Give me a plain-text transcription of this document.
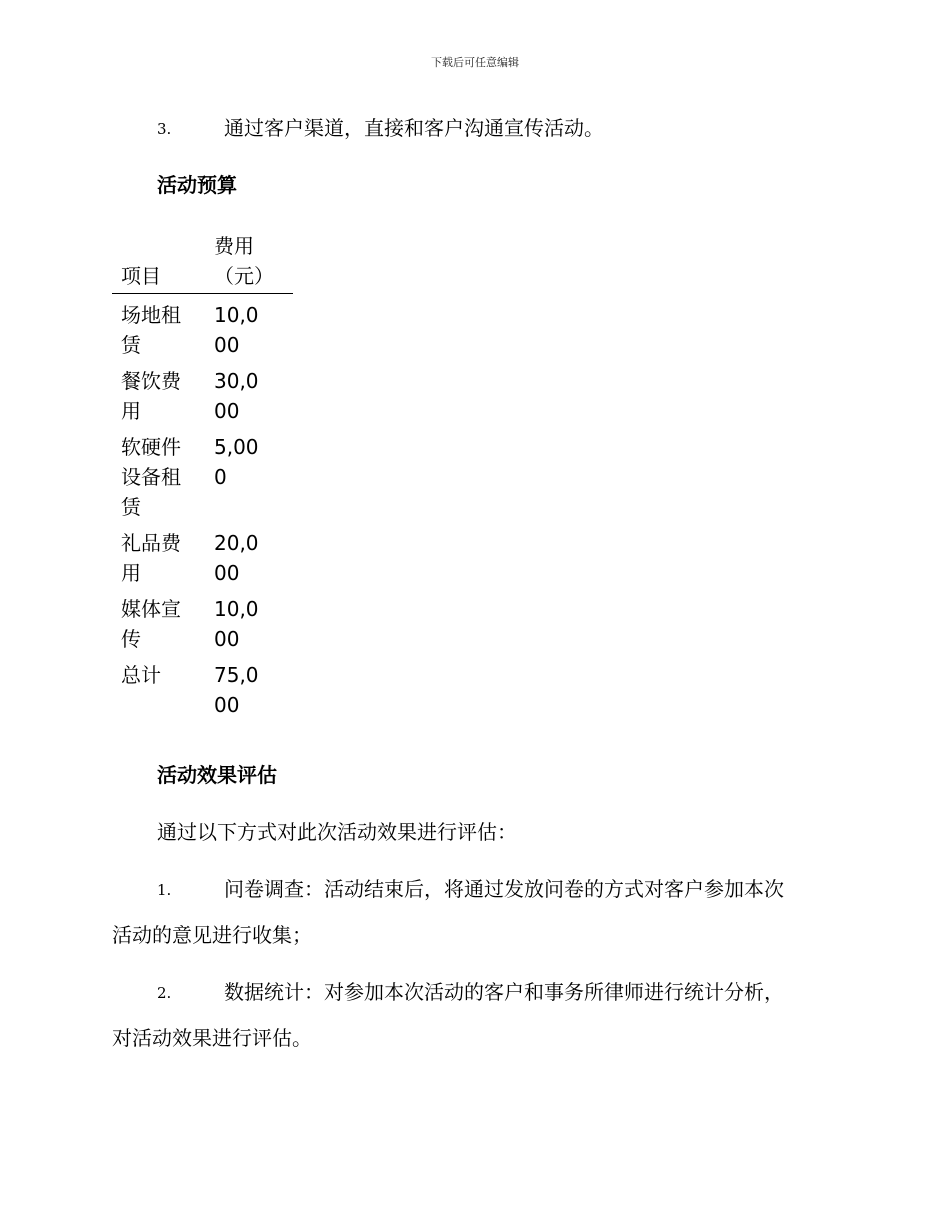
下载后可任意编辑
3.	通过客户渠道，直接和客户沟通宣传活动。
活动预算
项目	费用（元）

场地租赁	10,000

餐饮费用	30,000

软硬件设备租赁	5,000

礼品费用	20,000

媒体宣传	10,000

总计	75,000
活动效果评估
通过以下方式对此次活动效果进行评估：
1.	问卷调查：活动结束后，将通过发放问卷的方式对客户参加本次
活动的意见进行收集；
2.	数据统计：对参加本次活动的客户和事务所律师进行统计分析，
对活动效果进行评估。
